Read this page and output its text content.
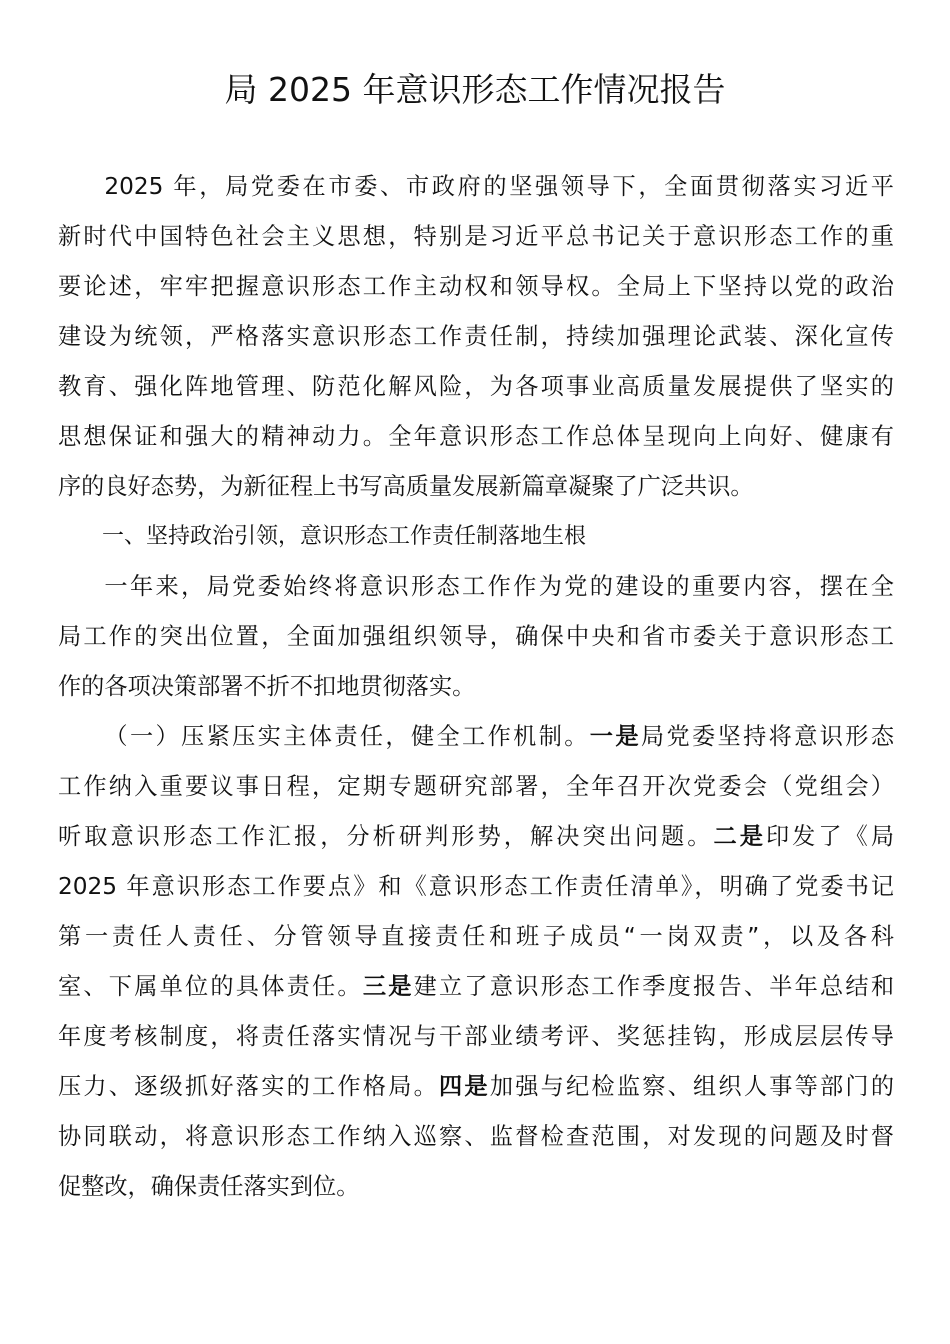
局 2025 年意识形态工作情况报告
2025 年，局党委在市委、市政府的坚强领导下，全面贯彻落实习近平
新时代中国特色社会主义思想，特别是习近平总书记关于意识形态工作的重
要论述，牢牢把握意识形态工作主动权和领导权。全局上下坚持以党的政治
建设为统领，严格落实意识形态工作责任制，持续加强理论武装、深化宣传
教育、强化阵地管理、防范化解风险，为各项事业高质量发展提供了坚实的
思想保证和强大的精神动力。全年意识形态工作总体呈现向上向好、健康有
序的良好态势，为新征程上书写高质量发展新篇章凝聚了广泛共识。
一、坚持政治引领，意识形态工作责任制落地生根
一年来，局党委始终将意识形态工作作为党的建设的重要内容，摆在全
局工作的突出位置，全面加强组织领导，确保中央和省市委关于意识形态工
作的各项决策部署不折不扣地贯彻落实。
（一）压紧压实主体责任，健全工作机制。一是局党委坚持将意识形态
工作纳入重要议事日程，定期专题研究部署，全年召开次党委会（党组会）
听取意识形态工作汇报，分析研判形势，解决突出问题。二是印发了《局
2025 年意识形态工作要点》和《意识形态工作责任清单》，明确了党委书记
第一责任人责任、分管领导直接责任和班子成员“一岗双责”，以及各科
室、下属单位的具体责任。三是建立了意识形态工作季度报告、半年总结和
年度考核制度，将责任落实情况与干部业绩考评、奖惩挂钩，形成层层传导
压力、逐级抓好落实的工作格局。四是加强与纪检监察、组织人事等部门的
协同联动，将意识形态工作纳入巡察、监督检查范围，对发现的问题及时督
促整改，确保责任落实到位。
